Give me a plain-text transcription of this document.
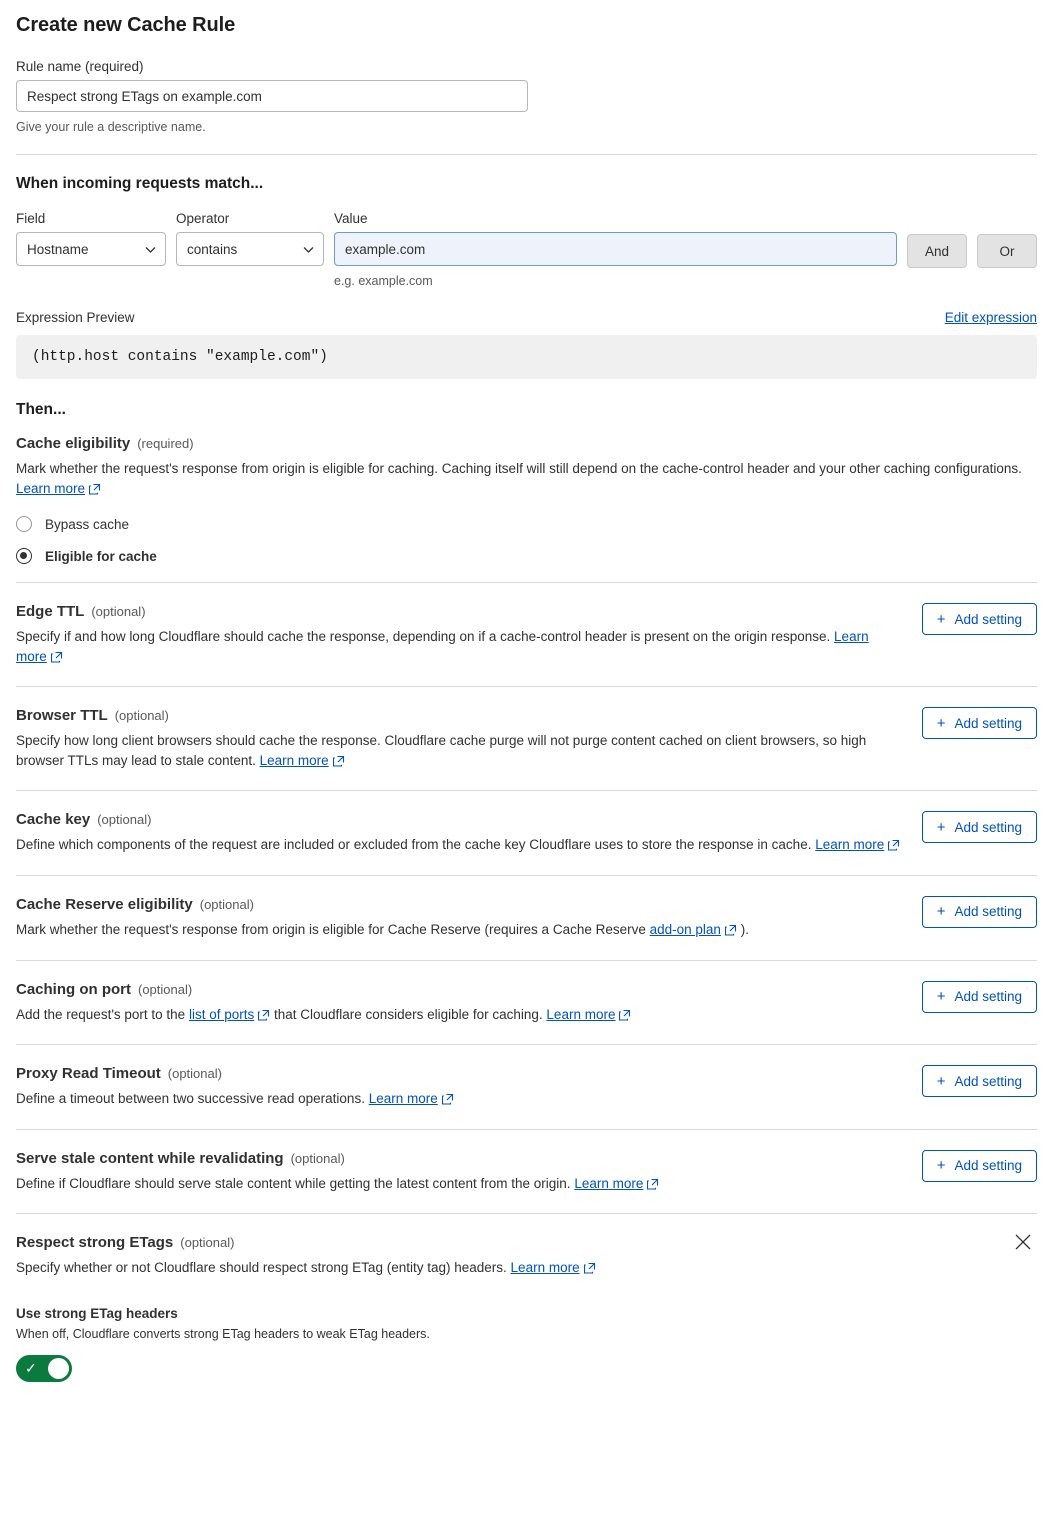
Create new Cache Rule
Rule name (required)
Respect strong ETags on example.com
Give your rule a descriptive name.
When incoming requests match...
Field
Hostname
Operator
contains
Value
example.com
e.g. example.com
And	Or
Expression Preview	Edit expression
(http.host contains "example.com")
Then...
Cache eligibility (required)
Mark whether the request's response from origin is eligible for caching. Caching itself will still depend on the cache-control header and your other caching configurations. Learn more
Bypass cache
Eligible for cache
Edge TTL (optional)
Specify if and how long Cloudflare should cache the response, depending on if a cache-control header is present on the origin response. Learn more
+ Add setting
Browser TTL (optional)
Specify how long client browsers should cache the response. Cloudflare cache purge will not purge content cached on client browsers, so high browser TTLs may lead to stale content. Learn more
+ Add setting
Cache key (optional)
Define which components of the request are included or excluded from the cache key Cloudflare uses to store the response in cache. Learn more
+ Add setting
Cache Reserve eligibility (optional)
Mark whether the request's response from origin is eligible for Cache Reserve (requires a Cache Reserve add-on plan ).
+ Add setting
Caching on port (optional)
Add the request's port to the list of ports that Cloudflare considers eligible for caching. Learn more
+ Add setting
Proxy Read Timeout (optional)
Define a timeout between two successive read operations. Learn more
+ Add setting
Serve stale content while revalidating (optional)
Define if Cloudflare should serve stale content while getting the latest content from the origin. Learn more
+ Add setting
Respect strong ETags (optional)
Specify whether or not Cloudflare should respect strong ETag (entity tag) headers. Learn more
Use strong ETag headers
When off, Cloudflare converts strong ETag headers to weak ETag headers.
✓
